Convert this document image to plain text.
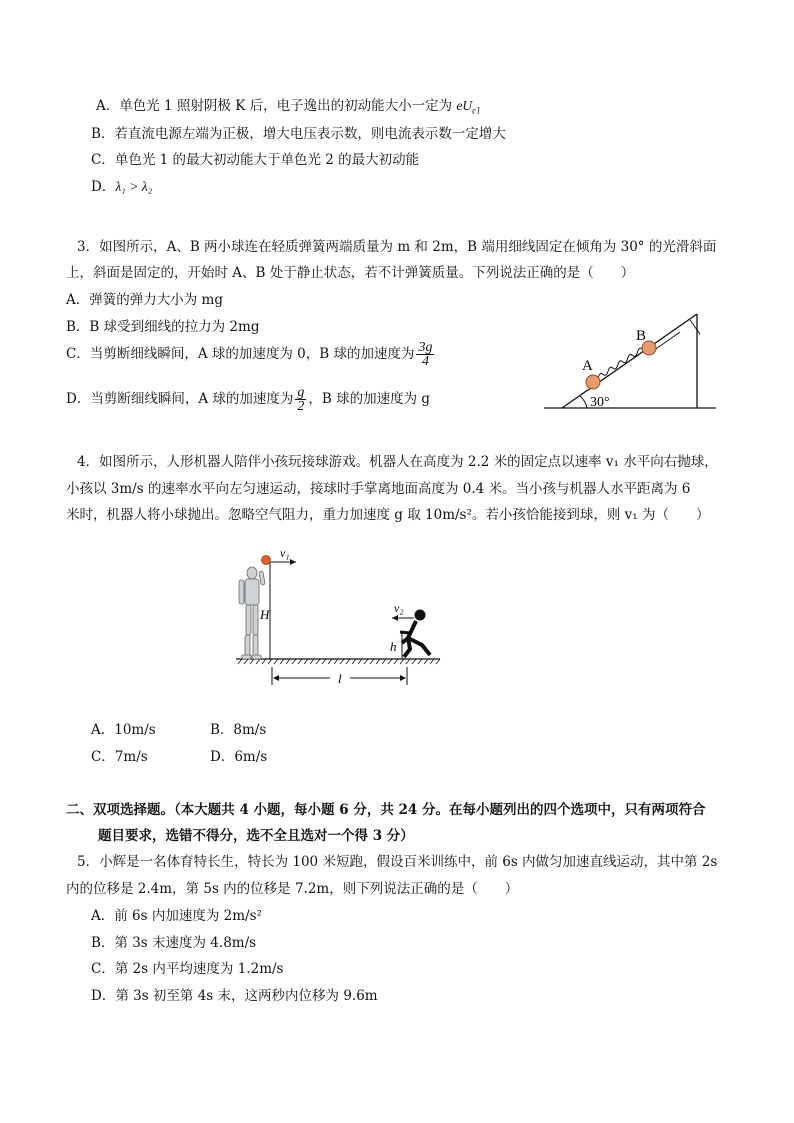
A．单色光 1 照射阴极 K 后，电子逸出的初动能大小一定为 $eU_{c1}$
B．若直流电源左端为正极，增大电压表示数，则电流表示数一定增大
C．单色光 1 的最大初动能大于单色光 2 的最大初动能
D．λ₁ > λ₂
3．如图所示，A、B 两小球连在轻质弹簧两端质量为 m 和 2m，B 端用细线固定在倾角为 30° 的光滑斜面
上，斜面是固定的，开始时 A、B 处于静止状态，若不计弹簧质量。下列说法正确的是（　　）
A．弹簧的弹力大小为 mg
B．B 球受到细线的拉力为 2mg
C．当剪断细线瞬间，A 球的加速度为 0，B 球的加速度为 $\frac{3g}{4}$
D．当剪断细线瞬间，A 球的加速度为 $\frac{g}{2}$ ，B 球的加速度为 g	30°
A
B
4．如图所示，人形机器人陪伴小孩玩接球游戏。机器人在高度为 2.2 米的固定点以速率 v₁ 水平向右抛球，
小孩以 3m/s 的速率水平向左匀速运动，接球时手掌离地面高度为 0.4 米。当小孩与机器人水平距离为 6
米时，机器人将小球抛出。忽略空气阻力，重力加速度 g 取 10m/s²。若小孩恰能接到球，则 v₁ 为（　　）
v₁
H	v₂
h
l
A．10m/s	B．8m/s
C．7m/s	D．6m/s
二、双项选择题。（本大题共 4 小题，每小题 6 分，共 24 分。在每小题列出的四个选项中，只有两项符合
题目要求，选错不得分，选不全且选对一个得 3 分）
5．小辉是一名体育特长生，特长为 100 米短跑，假设百米训练中，前 6s 内做匀加速直线运动，其中第 2s
内的位移是 2.4m，第 5s 内的位移是 7.2m，则下列说法正确的是（　　）
A．前 6s 内加速度为 2m/s²
B．第 3s 末速度为 4.8m/s
C．第 2s 内平均速度为 1.2m/s
D．第 3s 初至第 4s 末，这两秒内位移为 9.6m
